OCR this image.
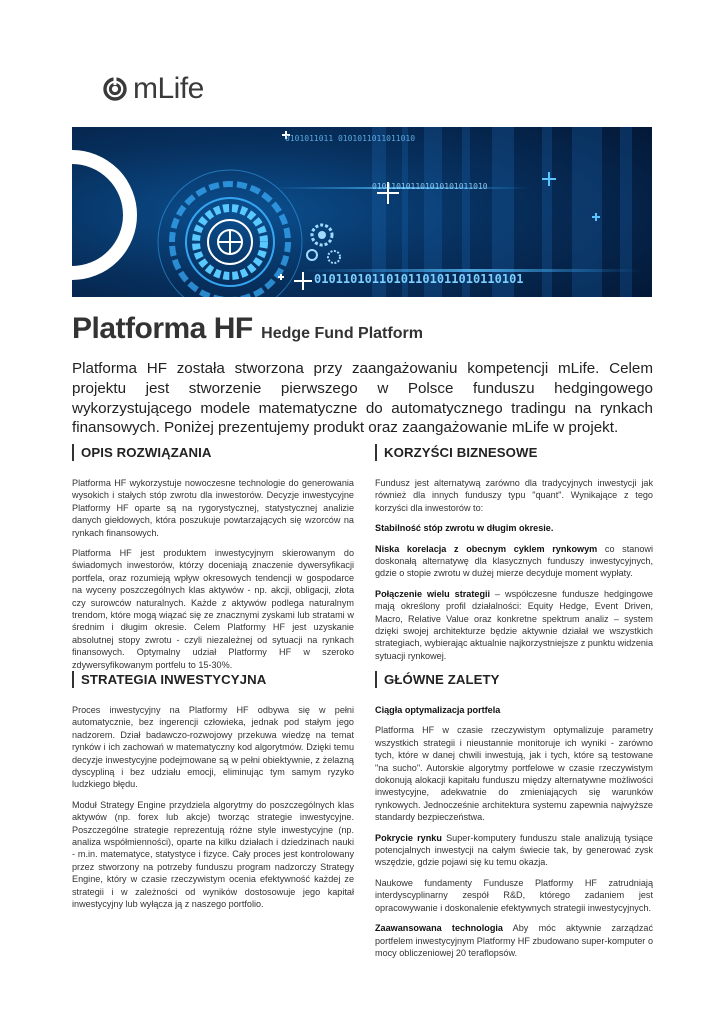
mLife
0101011011 0101011011011010
010110101101010101011010
01011010110101101011010110101
Platforma HF Hedge Fund Platform

Platforma HF została stworzona przy zaangażowaniu kompetencji mLife. Celem projektu jest stworzenie pierwszego w Polsce funduszu hedgingowego wykorzystującego modele matematyczne do automatycznego tradingu na rynkach finansowych. Poniżej prezentujemy produkt oraz zaangażowanie mLife w projekt.

OPIS ROZWIĄZANIA

Platforma HF wykorzystuje nowoczesne technologie do generowania wysokich i stałych stóp zwrotu dla inwestorów. Decyzje inwestycyjne Platformy HF oparte są na rygorystycznej, statystycznej analizie danych giełdowych, która poszukuje powtarzających się wzorców na rynkach finansowych.

Platforma HF jest produktem inwestycyjnym skierowanym do świadomych inwestorów, którzy doceniają znaczenie dywersyfikacji portfela, oraz rozumieją wpływ okresowych tendencji w gospodarce na wyceny poszczególnych klas aktywów - np. akcji, obligacji, złota czy surowców naturalnych. Każde z aktywów podlega naturalnym trendom, które mogą wiązać się ze znacznymi zyskami lub stratami w średnim i długim okresie. Celem Platformy HF jest uzyskanie absolutnej stopy zwrotu - czyli niezależnej od sytuacji na rynkach finansowych. Optymalny udział Platformy HF w szeroko zdywersyfikowanym portfelu to 15-30%.

KORZYŚCI BIZNESOWE

Fundusz jest alternatywą zarówno dla tradycyjnych inwestycji jak również dla innych funduszy typu "quant". Wynikające z tego korzyści dla inwestorów to:

Stabilność stóp zwrotu w długim okresie.

Niska korelacja z obecnym cyklem rynkowym co stanowi doskonałą alternatywę dla klasycznych funduszy inwestycyjnych, gdzie o stopie zwrotu w dużej mierze decyduje moment wypłaty.

Połączenie wielu strategii – współczesne fundusze hedgingowe mają określony profil działalności: Equity Hedge, Event Driven, Macro, Relative Value oraz konkretne spektrum analiz – system dzięki swojej architekturze będzie aktywnie działał we wszystkich strategiach, wybierając aktualnie najkorzystniejsze z punktu widzenia sytuacji rynkowej.

STRATEGIA INWESTYCYJNA

Proces inwestycyjny na Platformy HF odbywa się w pełni automatycznie, bez ingerencji człowieka, jednak pod stałym jego nadzorem. Dział badawczo-rozwojowy przekuwa wiedzę na temat rynków i ich zachowań w matematyczny kod algorytmów. Dzięki temu decyzje inwestycyjne podejmowane są w pełni obiektywnie, z żelazną dyscypliną i bez udziału emocji, eliminując tym samym ryzyko ludzkiego błędu.

Moduł Strategy Engine przydziela algorytmy do poszczególnych klas aktywów (np. forex lub akcje) tworząc strategie inwestycyjne. Poszczególne strategie reprezentują różne style inwestycyjne (np. analiza współmienności), oparte na kilku działach i dziedzinach nauki - m.in. matematyce, statystyce i fizyce. Cały proces jest kontrolowany przez stworzony na potrzeby funduszu program nadzorczy Strategy Engine, który w czasie rzeczywistym ocenia efektywność każdej ze strategii i w zależności od wyników dostosowuje jego kapitał inwestycyjny lub wyłącza ją z naszego portfolio.

GŁÓWNE ZALETY

Ciągła optymalizacja portfela

Platforma HF w czasie rzeczywistym optymalizuje parametry wszystkich strategii i nieustannie monitoruje ich wyniki - zarówno tych, które w danej chwili inwestują, jak i tych, które są testowane "na sucho". Autorskie algorytmy portfelowe w czasie rzeczywistym dokonują alokacji kapitału funduszu między alternatywne możliwości inwestycyjne, adekwatnie do zmieniających się warunków rynkowych. Jednocześnie architektura systemu zapewnia najwyższe standardy bezpieczeństwa.

Pokrycie rynku Super-komputery funduszu stale analizują tysiące potencjalnych inwestycji na całym świecie tak, by generować zysk wszędzie, gdzie pojawi się ku temu okazja.

Naukowe fundamenty Fundusze Platformy HF zatrudniają interdyscyplinarny zespół R&D, którego zadaniem jest opracowywanie i doskonalenie efektywnych strategii inwestycyjnych.

Zaawansowana technologia Aby móc aktywnie zarządzać portfelem inwestycyjnym Platformy HF zbudowano super-komputer o mocy obliczeniowej 20 teraflopsów.
